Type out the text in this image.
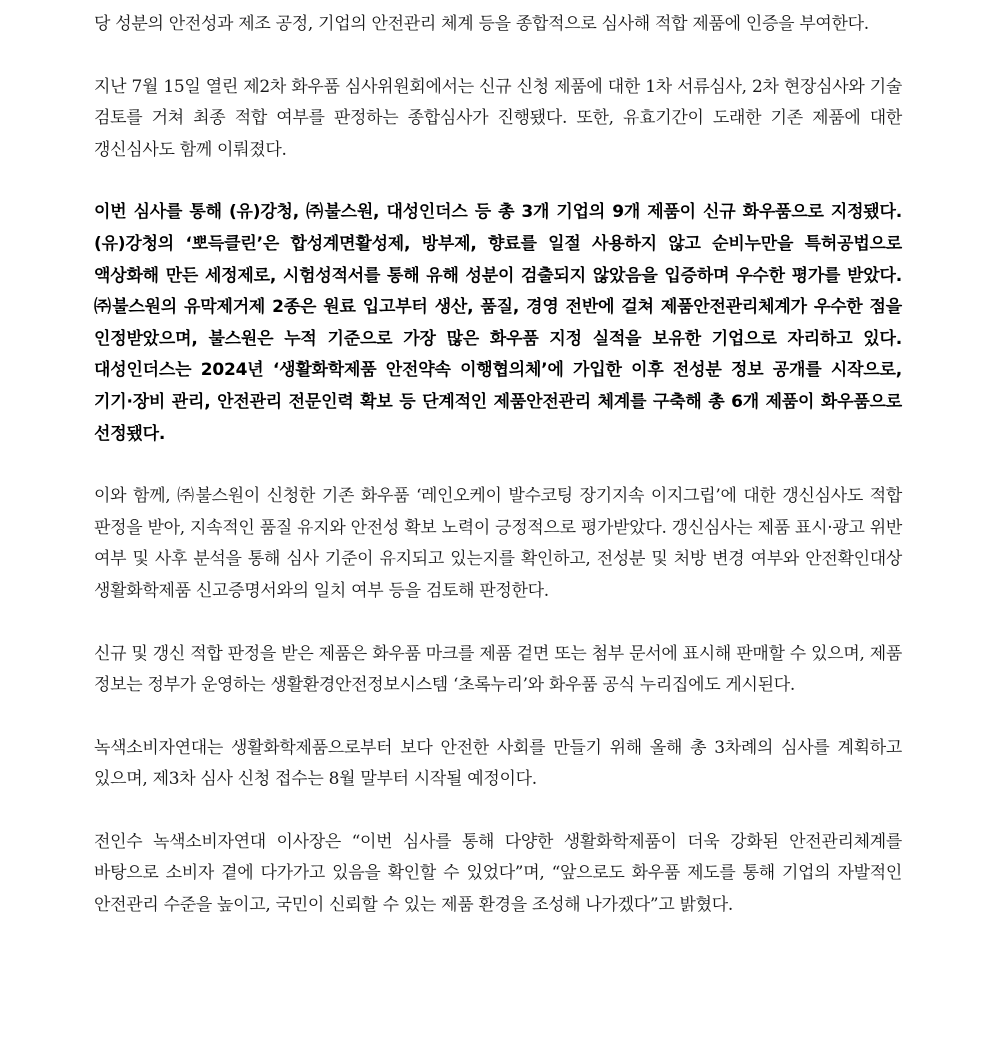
당 성분의 안전성과 제조 공정, 기업의 안전관리 체계 등을 종합적으로 심사해 적합 제품에 인증을 부여한다.

지난 7월 15일 열린 제2차 화우품 심사위원회에서는 신규 신청 제품에 대한 1차 서류심사, 2차 현장심사와 기술 검토를 거쳐 최종 적합 여부를 판정하는 종합심사가 진행됐다. 또한, 유효기간이 도래한 기존 제품에 대한 갱신심사도 함께 이뤄졌다.

이번 심사를 통해 (유)강청, ㈜불스원, 대성인더스 등 총 3개 기업의 9개 제품이 신규 화우품으로 지정됐다. (유)강청의 ‘뽀득클린’은 합성계면활성제, 방부제, 향료를 일절 사용하지 않고 순비누만을 특허공법으로 액상화해 만든 세정제로, 시험성적서를 통해 유해 성분이 검출되지 않았음을 입증하며 우수한 평가를 받았다. ㈜불스원의 유막제거제 2종은 원료 입고부터 생산, 품질, 경영 전반에 걸쳐 제품안전관리체계가 우수한 점을 인정받았으며, 불스원은 누적 기준으로 가장 많은 화우품 지정 실적을 보유한 기업으로 자리하고 있다. 대성인더스는 2024년 ‘생활화학제품 안전약속 이행협의체’에 가입한 이후 전성분 정보 공개를 시작으로, 기기·장비 관리, 안전관리 전문인력 확보 등 단계적인 제품안전관리 체계를 구축해 총 6개 제품이 화우품으로 선정됐다.

이와 함께, ㈜불스원이 신청한 기존 화우품 ‘레인오케이 발수코팅 장기지속 이지그립’에 대한 갱신심사도 적합 판정을 받아, 지속적인 품질 유지와 안전성 확보 노력이 긍정적으로 평가받았다. 갱신심사는 제품 표시·광고 위반 여부 및 사후 분석을 통해 심사 기준이 유지되고 있는지를 확인하고, 전성분 및 처방 변경 여부와 안전확인대상 생활화학제품 신고증명서와의 일치 여부 등을 검토해 판정한다.

신규 및 갱신 적합 판정을 받은 제품은 화우품 마크를 제품 겉면 또는 첨부 문서에 표시해 판매할 수 있으며, 제품 정보는 정부가 운영하는 생활환경안전정보시스템 ‘초록누리’와 화우품 공식 누리집에도 게시된다.

녹색소비자연대는 생활화학제품으로부터 보다 안전한 사회를 만들기 위해 올해 총 3차례의 심사를 계획하고 있으며, 제3차 심사 신청 접수는 8월 말부터 시작될 예정이다.

전인수 녹색소비자연대 이사장은 “이번 심사를 통해 다양한 생활화학제품이 더욱 강화된 안전관리체계를 바탕으로 소비자 곁에 다가가고 있음을 확인할 수 있었다”며, “앞으로도 화우품 제도를 통해 기업의 자발적인 안전관리 수준을 높이고, 국민이 신뢰할 수 있는 제품 환경을 조성해 나가겠다”고 밝혔다.
